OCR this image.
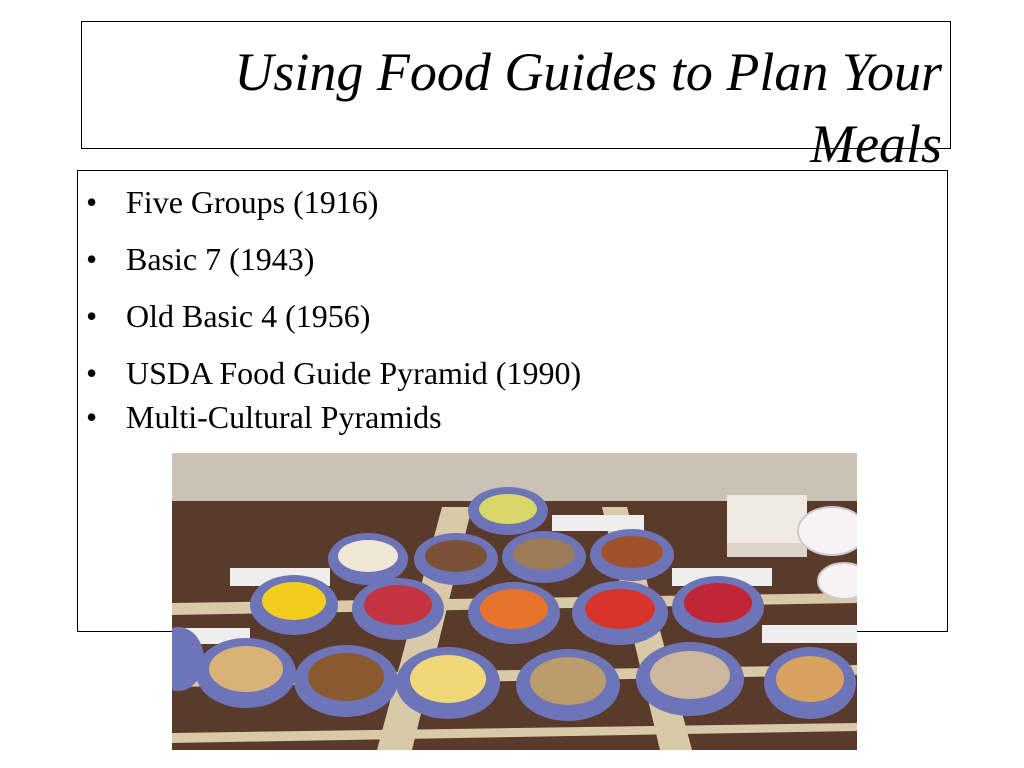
Using Food Guides to Plan Your Meals
• Five Groups (1916)
• Basic 7 (1943)
• Old Basic 4 (1956)
• USDA Food Guide Pyramid (1990)
• Multi-Cultural Pyramids
